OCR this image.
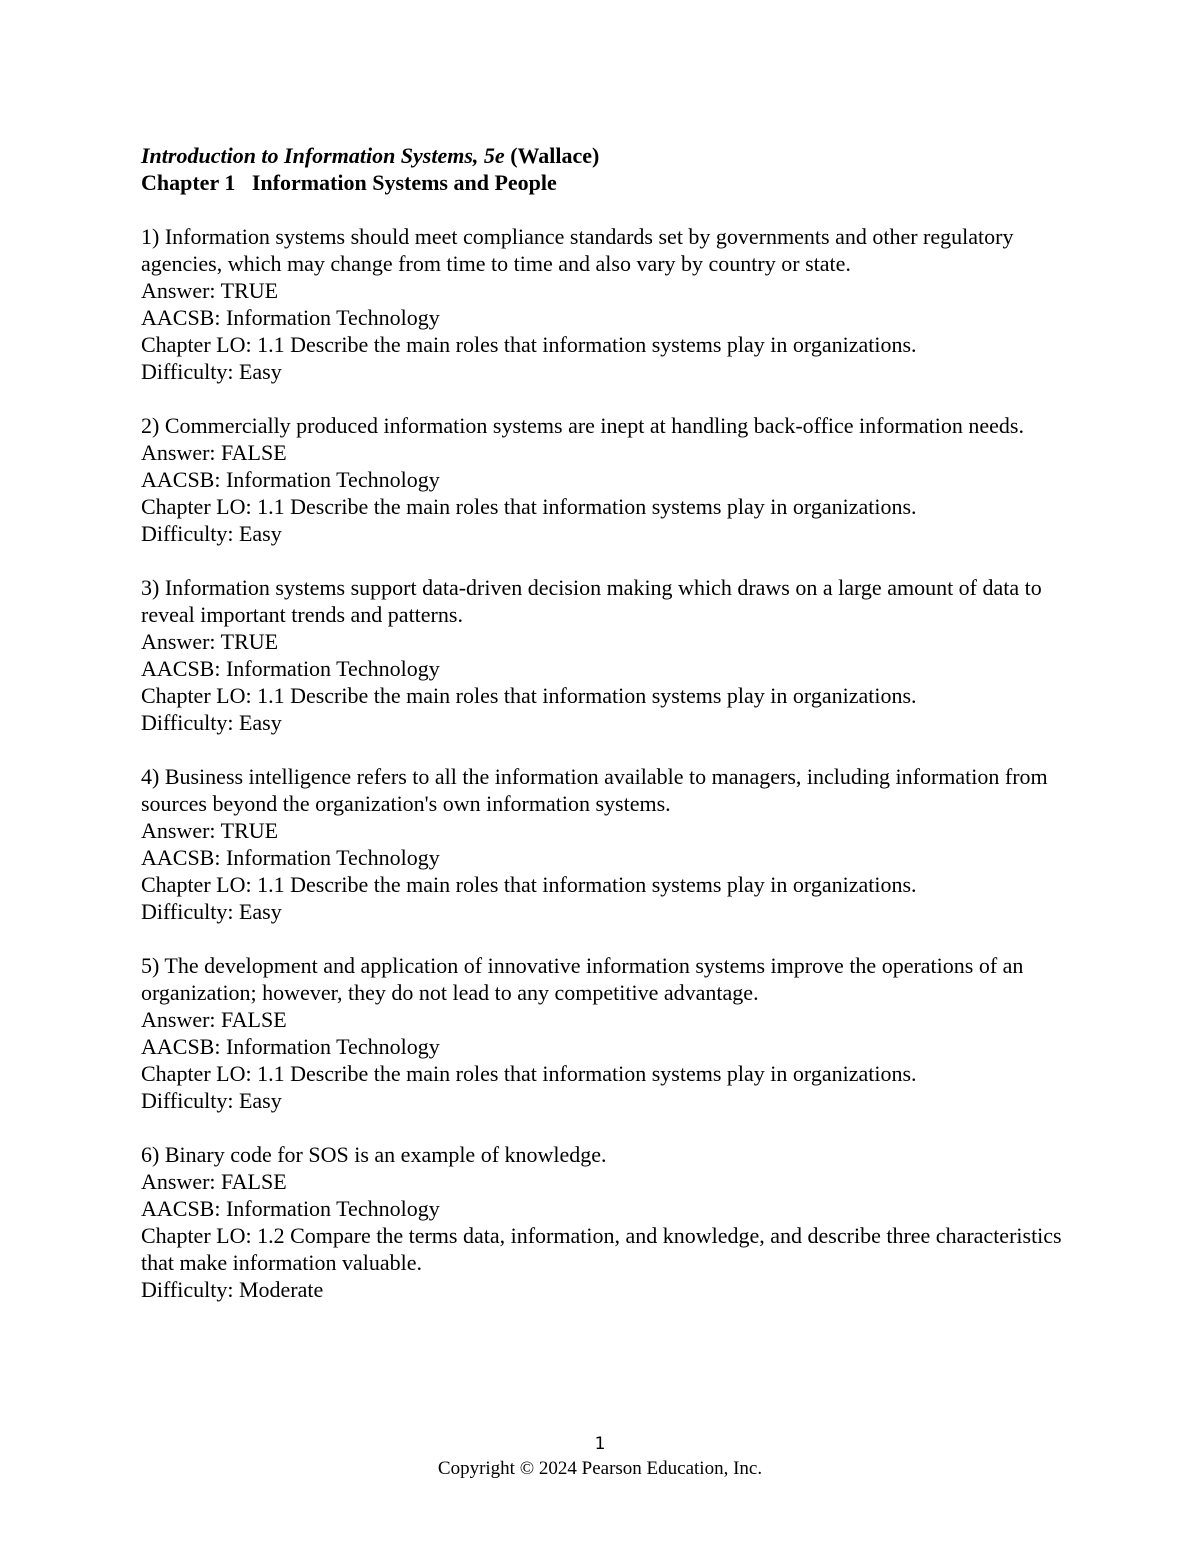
Introduction to Information Systems, 5e (Wallace)

Chapter 1   Information Systems and People

1) Information systems should meet compliance standards set by governments and other regulatory agencies, which may change from time to time and also vary by country or state.

Answer: TRUE

AACSB: Information Technology

Chapter LO: 1.1 Describe the main roles that information systems play in organizations.

Difficulty: Easy

2) Commercially produced information systems are inept at handling back-office information needs.

Answer: FALSE

AACSB: Information Technology

Chapter LO: 1.1 Describe the main roles that information systems play in organizations.

Difficulty: Easy

3) Information systems support data-driven decision making which draws on a large amount of data to reveal important trends and patterns.

Answer: TRUE

AACSB: Information Technology

Chapter LO: 1.1 Describe the main roles that information systems play in organizations.

Difficulty: Easy

4) Business intelligence refers to all the information available to managers, including information from sources beyond the organization's own information systems.

Answer: TRUE

AACSB: Information Technology

Chapter LO: 1.1 Describe the main roles that information systems play in organizations.

Difficulty: Easy

5) The development and application of innovative information systems improve the operations of an organization; however, they do not lead to any competitive advantage.

Answer: FALSE

AACSB: Information Technology

Chapter LO: 1.1 Describe the main roles that information systems play in organizations.

Difficulty: Easy

6) Binary code for SOS is an example of knowledge.

Answer: FALSE

AACSB: Information Technology

Chapter LO: 1.2 Compare the terms data, information, and knowledge, and describe three characteristics that make information valuable.

Difficulty: Moderate

1
Copyright © 2024 Pearson Education, Inc.
